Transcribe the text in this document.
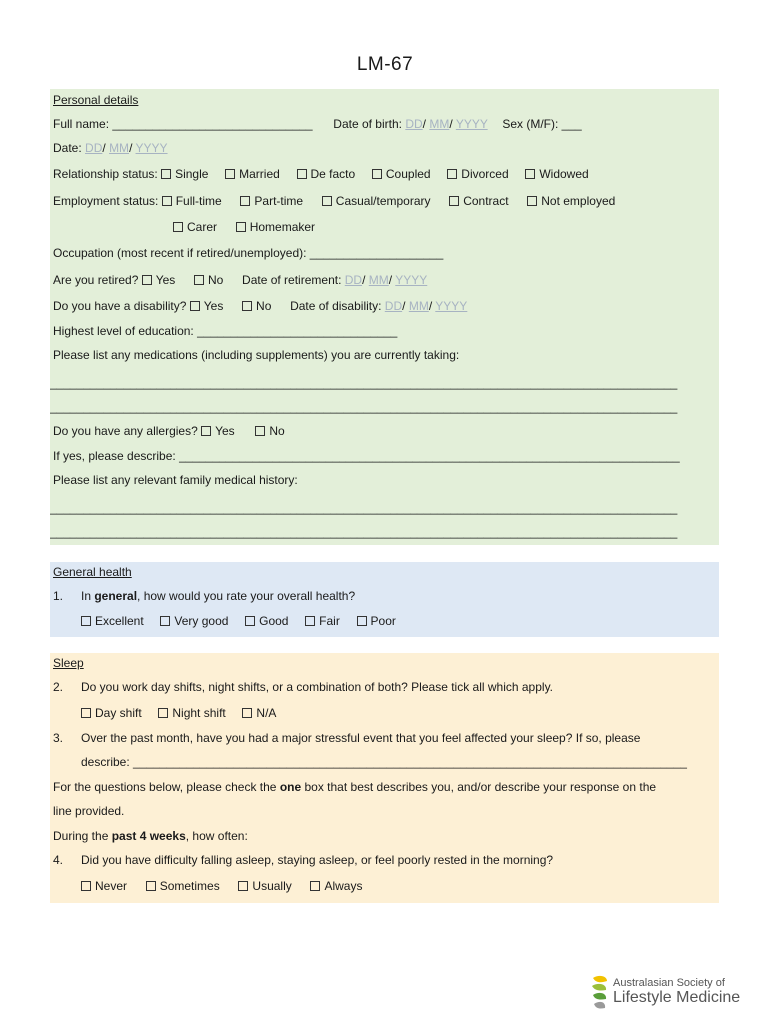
LM-67
Personal details
Full name: ______________________________ Date of birth: DD/ MM/ YYYY Sex (M/F): ___
Date: DD/ MM/ YYYY
Relationship status: Single	Married	De facto	Coupled	Divorced	Widowed
Employment status: Full-time	Part-time	Casual/temporary	Contract	Not employed
Carer	Homemaker
Occupation (most recent if retired/unemployed): ____________________
Are you retired? Yes	No Date of retirement: DD/ MM/ YYYY
Do you have a disability? Yes	No Date of disability: DD/ MM/ YYYY
Highest level of education: ______________________________
Please list any medications (including supplements) you are currently taking:
______________________________________________________________________________________________
______________________________________________________________________________________________
Do you have any allergies? Yes	No
If yes, please describe: ___________________________________________________________________________
Please list any relevant family medical history:
______________________________________________________________________________________________
______________________________________________________________________________________________
General health
1. In general, how would you rate your overall health?
Excellent	Very good	Good	Fair	Poor
Sleep
2. Do you work day shifts, night shifts, or a combination of both? Please tick all which apply.
Day shift	Night shift	N/A
3. Over the past month, have you had a major stressful event that you feel affected your sleep? If so, please
describe: ___________________________________________________________________________________
For the questions below, please check the one box that best describes you, and/or describe your response on the
line provided.
During the past 4 weeks, how often:
4. Did you have difficulty falling asleep, staying asleep, or feel poorly rested in the morning?
Never	Sometimes	Usually	Always
Australasian Society of
Lifestyle Medicine
